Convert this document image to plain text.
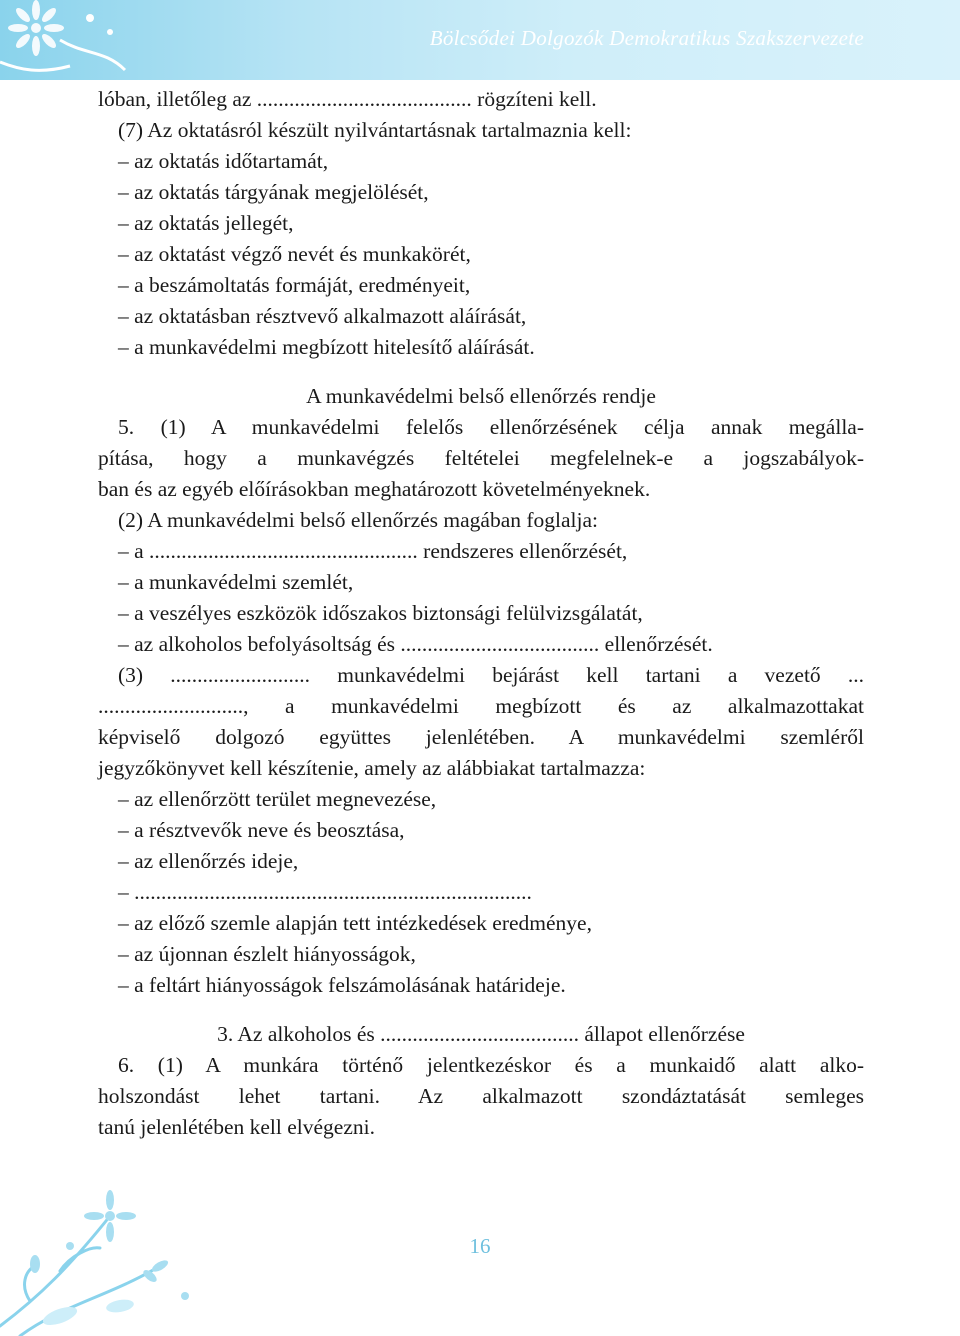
Bölcsődei Dolgozók Demokratikus Szakszervezete
lóban, illetőleg az ........................................ rögzíteni kell.
(7) Az oktatásról készült nyilvántartásnak tartalmaznia kell:
– az oktatás időtartamát,
– az oktatás tárgyának megjelölését,
– az oktatás jellegét,
– az oktatást végző nevét és munkakörét,
– a beszámoltatás formáját, eredményeit,
– az oktatásban résztvevő alkalmazott aláírását,
– a munkavédelmi megbízott hitelesítő aláírását.
A munkavédelmi belső ellenőrzés rendje
5. (1) A munkavédelmi felelős ellenőrzésének célja annak megálla-
pítása, hogy a munkavégzés feltételei megfelelnek-e a jogszabályok-
ban és az egyéb előírásokban meghatározott követelményeknek.
(2) A munkavédelmi belső ellenőrzés magában foglalja:
– a .................................................. rendszeres ellenőrzését,
– a munkavédelmi szemlét,
– a veszélyes eszközök időszakos biztonsági felülvizsgálatát,
– az alkoholos befolyásoltság és ..................................... ellenőrzését.
(3) .......................... munkavédelmi bejárást kell tartani a vezető ...
..........................., a munkavédelmi megbízott és az alkalmazottakat
képviselő dolgozó együttes jelenlétében. A munkavédelmi szemléről
jegyzőkönyvet kell készítenie, amely az alábbiakat tartalmazza:
– az ellenőrzött terület megnevezése,
– a résztvevők neve és beosztása,
– az ellenőrzés ideje,
– ..........................................................................
– az előző szemle alapján tett intézkedések eredménye,
– az újonnan észlelt hiányosságok,
– a feltárt hiányosságok felszámolásának határideje.
3. Az alkoholos és ..................................... állapot ellenőrzése
6. (1) A munkára történő jelentkezéskor és a munkaidő alatt alko-
holszondást lehet tartani. Az alkalmazott szondáztatását semleges
tanú jelenlétében kell elvégezni.
16
